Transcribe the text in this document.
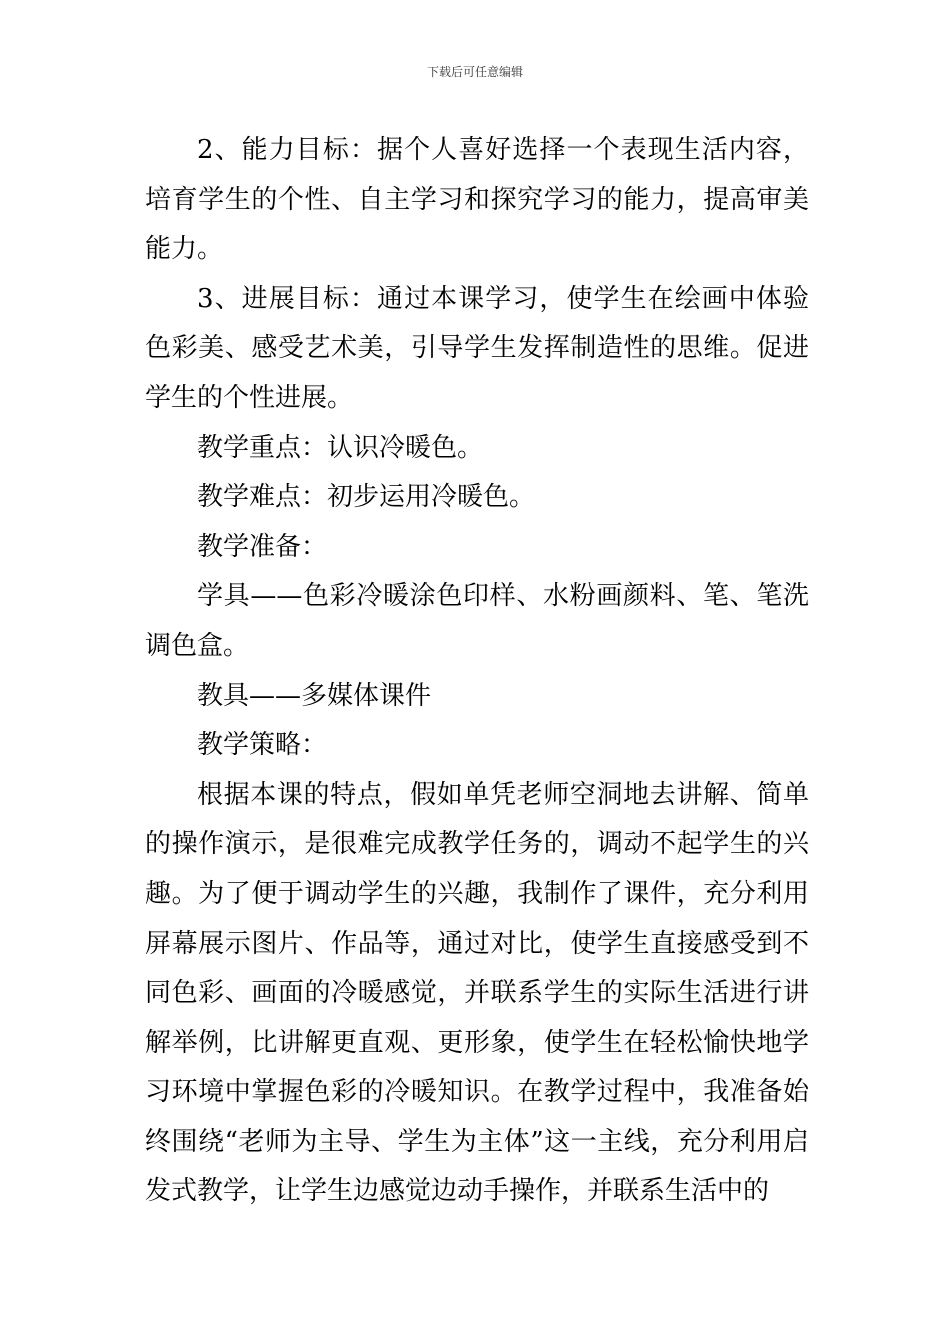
下载后可任意编辑

2、能力目标：据个人喜好选择一个表现生活内容，培育学生的个性、自主学习和探究学习的能力，提高审美能力。

3、进展目标：通过本课学习，使学生在绘画中体验色彩美、感受艺术美，引导学生发挥制造性的思维。促进学生的个性进展。

教学重点：认识冷暖色。

教学难点：初步运用冷暖色。

教学准备：

学具——色彩冷暖涂色印样、水粉画颜料、笔、笔洗调色盒。

教具——多媒体课件

教学策略：

根据本课的特点，假如单凭老师空洞地去讲解、简单的操作演示，是很难完成教学任务的，调动不起学生的兴趣。为了便于调动学生的兴趣，我制作了课件，充分利用屏幕展示图片、作品等，通过对比，使学生直接感受到不同色彩、画面的冷暖感觉，并联系学生的实际生活进行讲解举例，比讲解更直观、更形象，使学生在轻松愉快地学习环境中掌握色彩的冷暖知识。在教学过程中，我准备始终围绕“老师为主导、学生为主体”这一主线，充分利用启发式教学，让学生边感觉边动手操作，并联系生活中的
